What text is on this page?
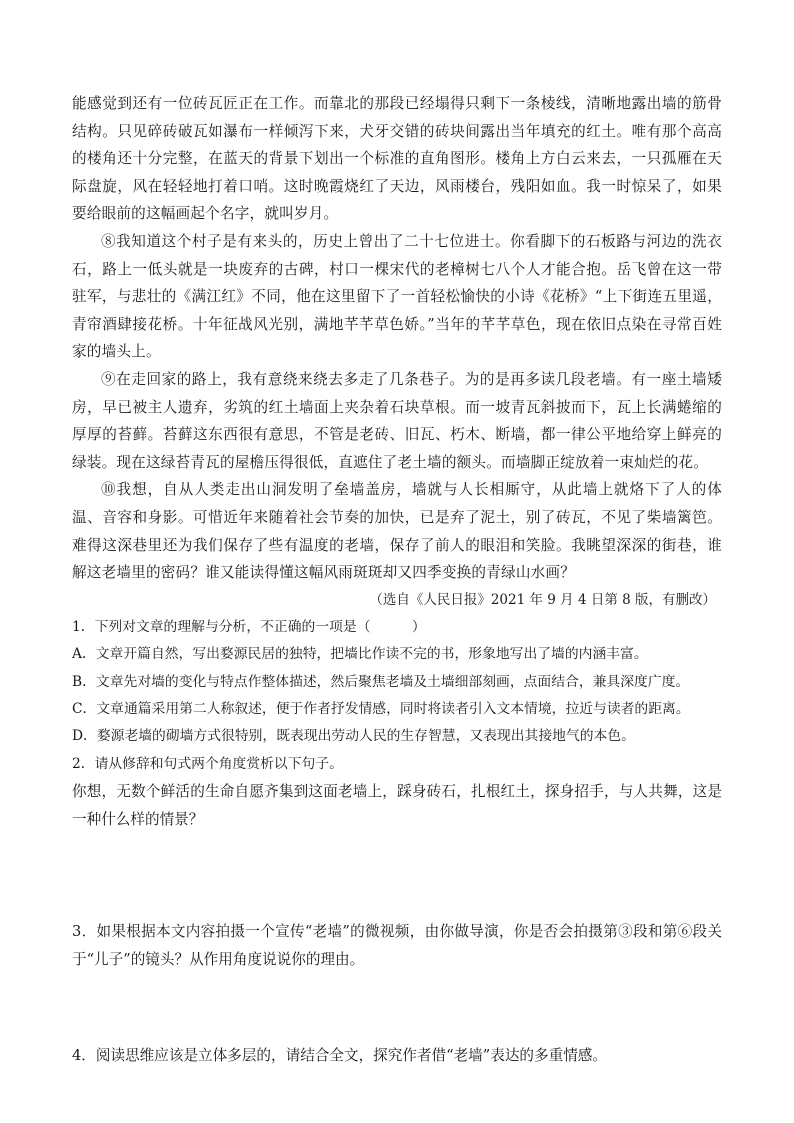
能感觉到还有一位砖瓦匠正在工作。而靠北的那段已经塌得只剩下一条棱线，清晰地露出墙的筋骨结构。只见碎砖破瓦如瀑布一样倾泻下来，犬牙交错的砖块间露出当年填充的红土。唯有那个高高的楼角还十分完整，在蓝天的背景下划出一个标准的直角图形。楼角上方白云来去，一只孤雁在天际盘旋，风在轻轻地打着口哨。这时晚霞烧红了天边，风雨楼台，残阳如血。我一时惊呆了，如果要给眼前的这幅画起个名字，就叫岁月。

⑧我知道这个村子是有来头的，历史上曾出了二十七位进士。你看脚下的石板路与河边的洗衣石，路上一低头就是一块废弃的古碑，村口一棵宋代的老樟树七八个人才能合抱。岳飞曾在这一带驻军，与悲壮的《满江红》不同，他在这里留下了一首轻松愉快的小诗《花桥》“上下街连五里遥，青帘酒肆接花桥。十年征战风光别，满地芊芊草色娇。”当年的芊芊草色，现在依旧点染在寻常百姓家的墙头上。

⑨在走回家的路上，我有意绕来绕去多走了几条巷子。为的是再多读几段老墙。有一座土墙矮房，早已被主人遗弃，劣筑的红土墙面上夹杂着石块草根。而一坡青瓦斜披而下，瓦上长满蜷缩的厚厚的苔藓。苔藓这东西很有意思，不管是老砖、旧瓦、朽木、断墙，都一律公平地给穿上鲜亮的绿装。现在这绿苔青瓦的屋檐压得很低，直遮住了老土墙的额头。而墙脚正绽放着一束灿烂的花。

⑩我想，自从人类走出山洞发明了垒墙盖房，墙就与人长相厮守，从此墙上就烙下了人的体温、音容和身影。可惜近年来随着社会节奏的加快，已是弃了泥土，别了砖瓦，不见了柴墙篱笆。难得这深巷里还为我们保存了些有温度的老墙，保存了前人的眼泪和笑脸。我眺望深深的街巷，谁解这老墙里的密码？谁又能读得懂这幅风雨斑斑却又四季变换的青绿山水画？

（选自《人民日报》2021 年 9 月 4 日第 8 版，有删改）

1．下列对文章的理解与分析，不正确的一项是（　　　）

A．文章开篇自然，写出婺源民居的独特，把墙比作读不完的书，形象地写出了墙的内涵丰富。

B．文章先对墙的变化与特点作整体描述，然后聚焦老墙及土墙细部刻画，点面结合，兼具深度广度。

C．文章通篇采用第二人称叙述，便于作者抒发情感，同时将读者引入文本情境，拉近与读者的距离。

D．婺源老墙的砌墙方式很特别，既表现出劳动人民的生存智慧，又表现出其接地气的本色。

2．请从修辞和句式两个角度赏析以下句子。

你想，无数个鲜活的生命自愿齐集到这面老墙上，踩身砖石，扎根红土，探身招手，与人共舞，这是一种什么样的情景？

3．如果根据本文内容拍摄一个宣传“老墙”的微视频，由你做导演，你是否会拍摄第③段和第⑥段关于“儿子”的镜头？从作用角度说说你的理由。

4．阅读思维应该是立体多层的，请结合全文，探究作者借“老墙”表达的多重情感。
